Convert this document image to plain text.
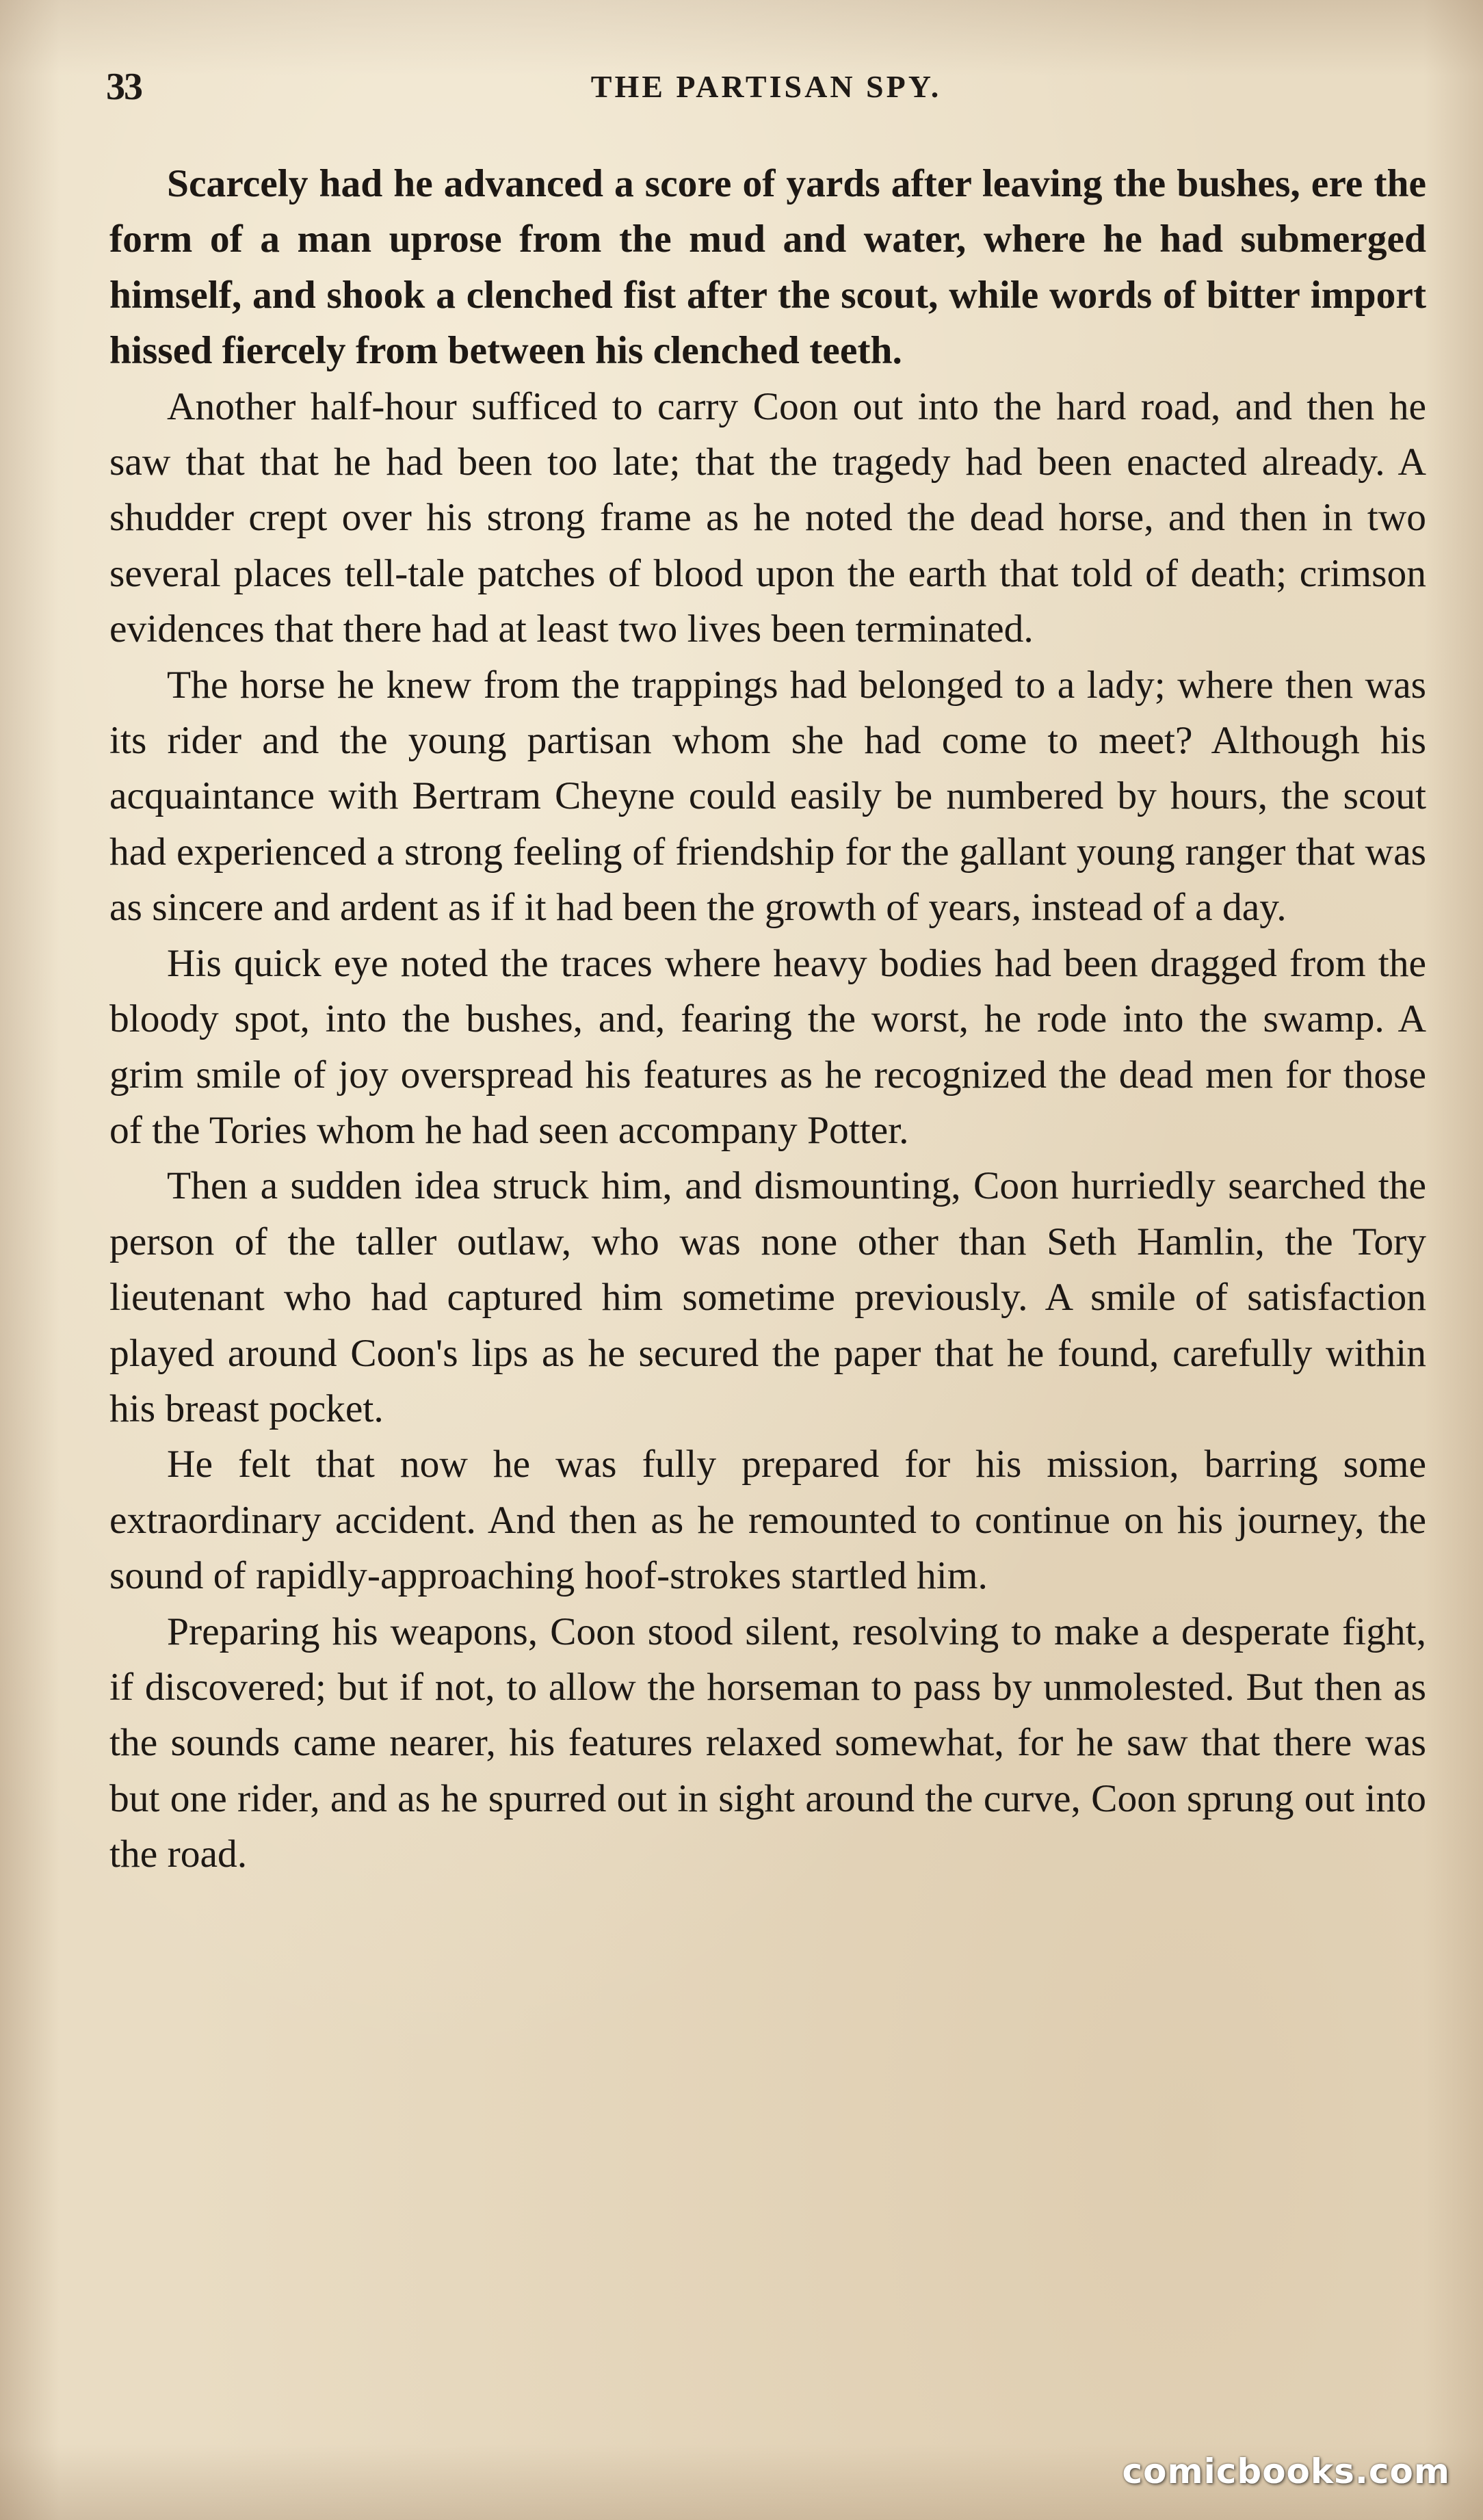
33	THE PARTISAN SPY.

Scarcely had he advanced a score of yards after leaving the bushes, ere the form of a man uprose from the mud and water, where he had submerged himself, and shook a clenched fist after the scout, while words of bitter import hissed fiercely from between his clenched teeth.

Another half-hour sufficed to carry Coon out into the hard road, and then he saw that that he had been too late; that the tragedy had been enacted already. A shudder crept over his strong frame as he noted the dead horse, and then in two several places tell-tale patches of blood upon the earth that told of death; crimson evidences that there had at least two lives been terminated.

The horse he knew from the trappings had belonged to a lady; where then was its rider and the young partisan whom she had come to meet? Although his acquaintance with Bertram Cheyne could easily be numbered by hours, the scout had experienced a strong feeling of friendship for the gallant young ranger that was as sincere and ardent as if it had been the growth of years, instead of a day.

His quick eye noted the traces where heavy bodies had been dragged from the bloody spot, into the bushes, and, fearing the worst, he rode into the swamp. A grim smile of joy overspread his features as he recognized the dead men for those of the Tories whom he had seen accompany Potter.

Then a sudden idea struck him, and dismounting, Coon hurriedly searched the person of the taller outlaw, who was none other than Seth Hamlin, the Tory lieutenant who had captured him sometime previously. A smile of satisfaction played around Coon's lips as he secured the paper that he found, carefully within his breast pocket.

He felt that now he was fully prepared for his mission, barring some extraordinary accident. And then as he remounted to continue on his journey, the sound of rapidly-approaching hoof-strokes startled him.

Preparing his weapons, Coon stood silent, resolving to make a desperate fight, if discovered; but if not, to allow the horseman to pass by unmolested. But then as the sounds came nearer, his features relaxed somewhat, for he saw that there was but one rider, and as he spurred out in sight around the curve, Coon sprung out into the road.

comicbooks.com
